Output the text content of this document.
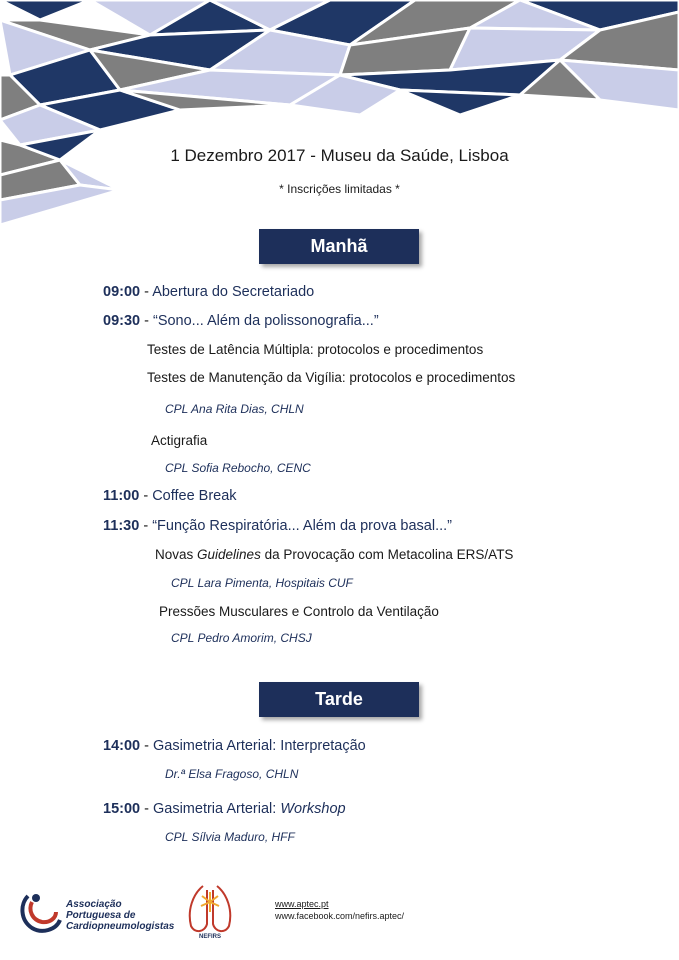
1 Dezembro 2017 - Museu da Saúde, Lisboa
* Inscrições limitadas *
Manhã
09:00 - Abertura do Secretariado
09:30 - “Sono... Além da polissonografia...”
Testes de Latência Múltipla: protocolos e procedimentos
Testes de Manutenção da Vigília: protocolos e procedimentos
CPL Ana Rita Dias, CHLN
Actigrafia
CPL Sofia Rebocho, CENC
11:00 - Coffee Break
11:30 - “Função Respiratória... Além da prova basal...”
Novas Guidelines da Provocação com Metacolina ERS/ATS
CPL Lara Pimenta, Hospitais CUF
Pressões Musculares e Controlo da Ventilação
CPL Pedro Amorim, CHSJ
Tarde
14:00 - Gasimetria Arterial: Interpretação
Dr.ª Elsa Fragoso, CHLN
15:00 - Gasimetria Arterial: Workshop
CPL Sílvia Maduro, HFF
Associação
Portuguesa de
Cardiopneumologistas
NEFIRS
www.aptec.pt
www.facebook.com/nefirs.aptec/
